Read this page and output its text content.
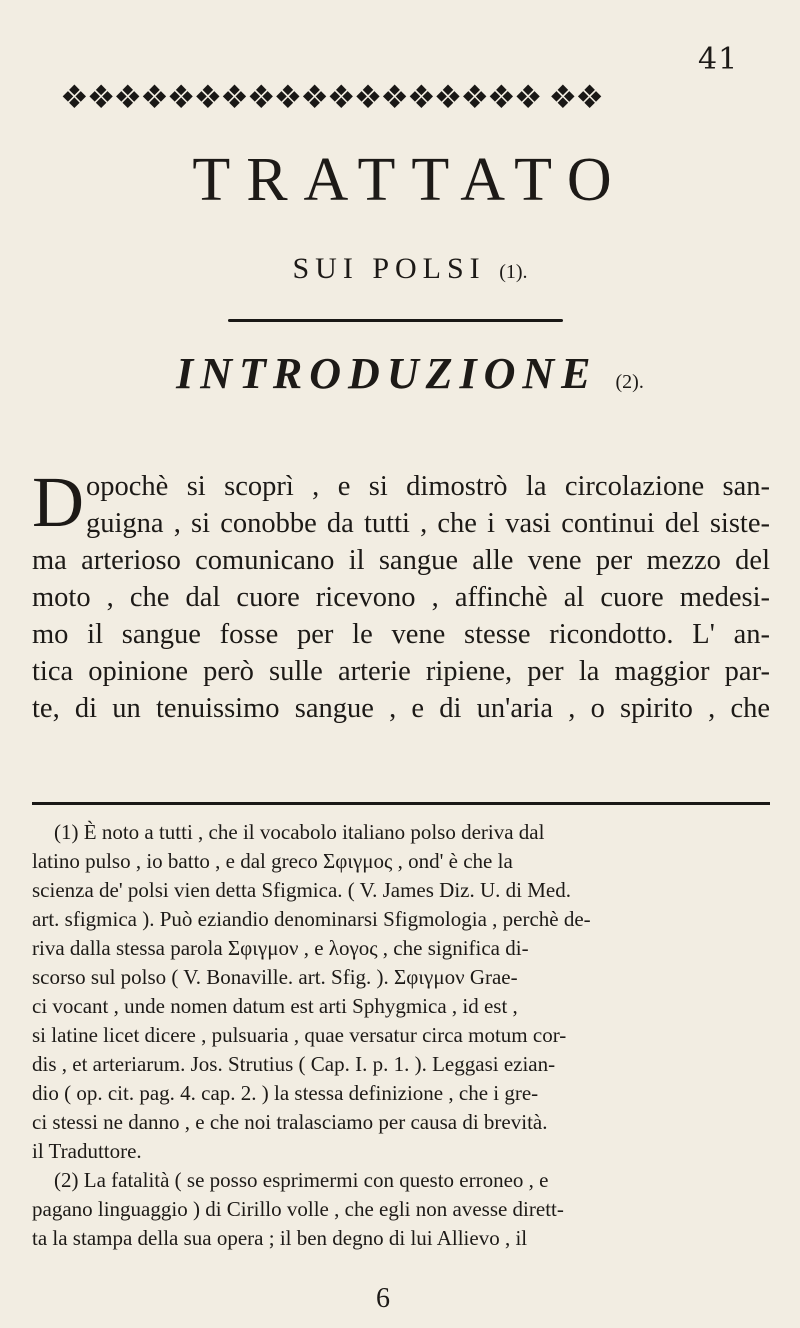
41
❖❖❖❖❖❖❖❖❖❖❖❖❖❖❖❖❖❖ ❖❖
TRATTATO
SUI POLSI (1).
INTRODUZIONE (2).
D opochè si scoprì , e si dimostrò la circolazione san-
guigna , si conobbe da tutti , che i vasi continui del siste-
ma arterioso comunicano il sangue alle vene per mezzo del
moto , che dal cuore ricevono , affinchè al cuore medesi-
mo il sangue fosse per le vene stesse ricondotto. L' an-
tica opinione però sulle arterie ripiene, per la maggior par-
te, di un tenuissimo sangue , e di un'aria , o spirito , che
(1) È noto a tutti , che il vocabolo italiano polso deriva dal
latino pulso , io batto , e dal greco Σφιγμος , ond' è che la
scienza de' polsi vien detta Sfigmica. ( V. James Diz. U. di Med.
art. sfigmica ). Può eziandio denominarsi Sfigmologia , perchè de-
riva dalla stessa parola Σφιγμον , e λογος , che significa di-
scorso sul polso ( V. Bonaville. art. Sfig. ). Σφιγμον Grae-
ci vocant , unde nomen datum est arti Sphygmica , id est ,
si latine licet dicere , pulsuaria , quae versatur circa motum cor-
dis , et arteriarum. Jos. Strutius ( Cap. I. p. 1. ). Leggasi ezian-
dio ( op. cit. pag. 4. cap. 2. ) la stessa definizione , che i gre-
ci stessi ne danno , e che noi tralasciamo per causa di brevità.
il Traduttore.
(2) La fatalità ( se posso esprimermi con questo erroneo , e
pagano linguaggio ) di Cirillo volle , che egli non avesse dirett-
ta la stampa della sua opera ; il ben degno di lui Allievo , il
6
